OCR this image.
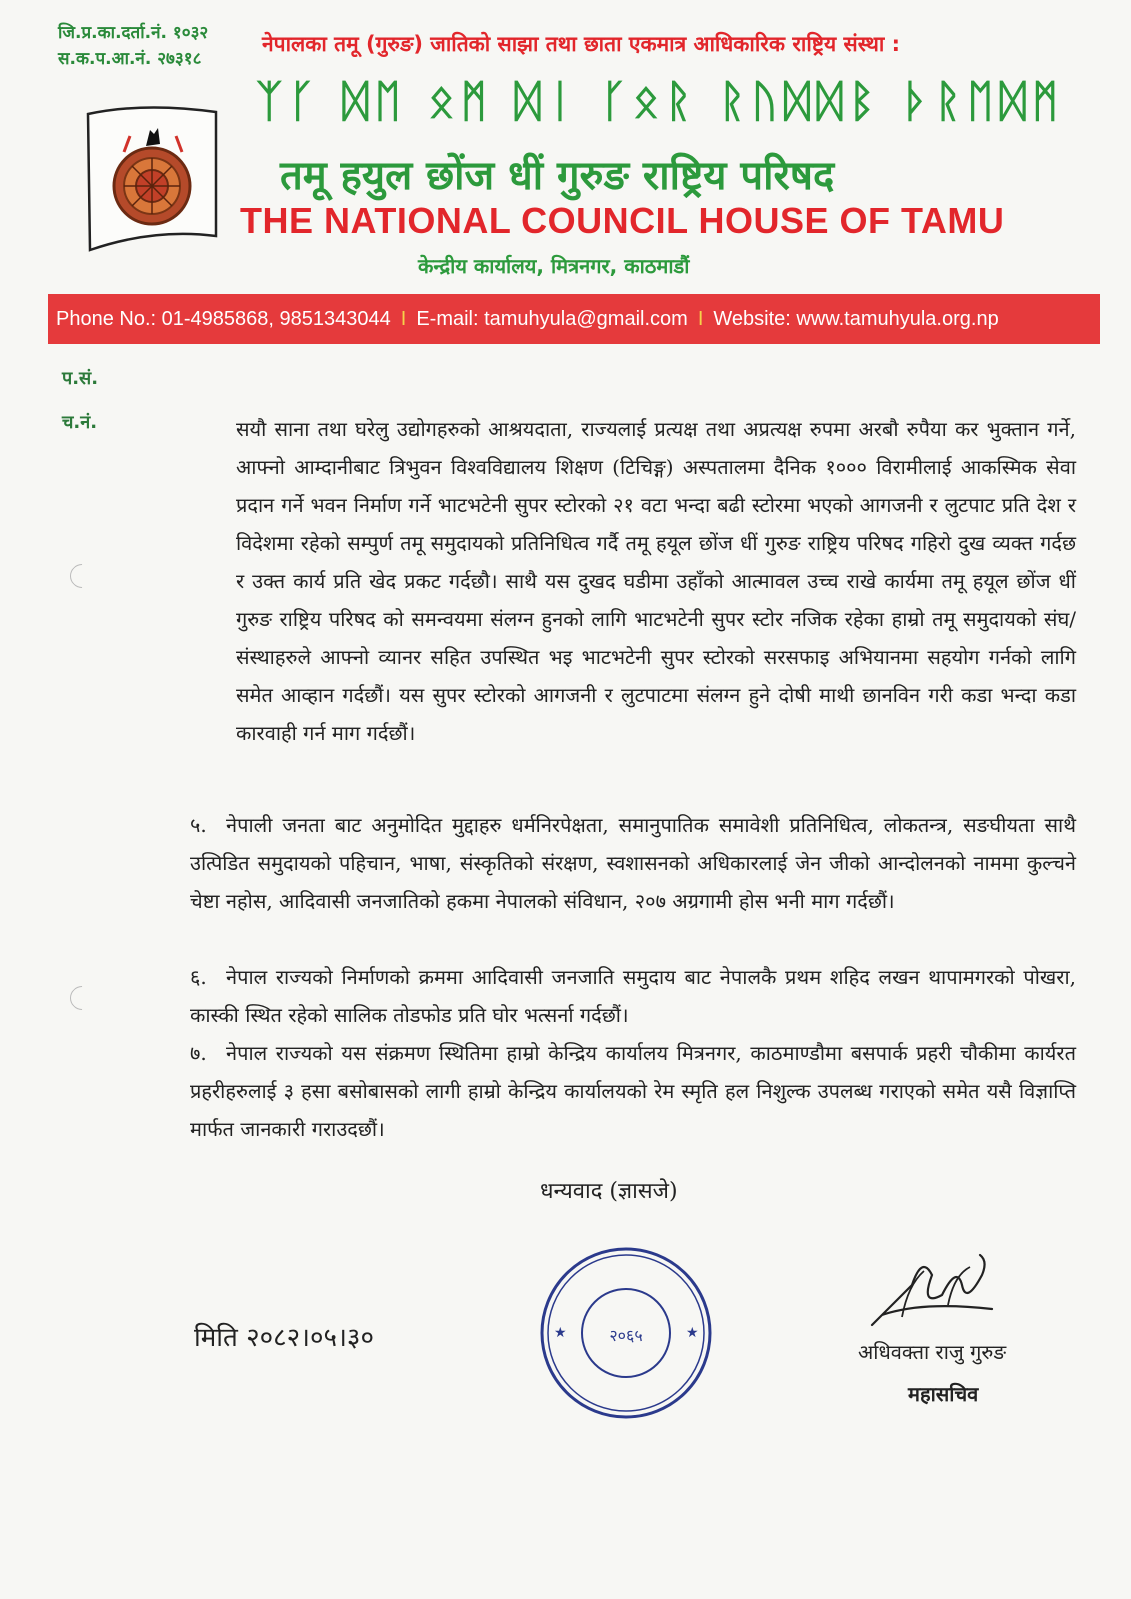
जि.प्र.का.दर्ता.नं. १०३२
स.क.प.आ.नं. २७३१८
नेपालका तमू (गुरुङ) जातिको साझा तथा छाता एकमात्र आधिकारिक राष्ट्रिय संस्था :
ᛉᚴ ᛞᛖ ᛟᛗ ᛞᛁ ᚴᛟᚱ ᚱᚢᛞᛞᛒ ᚦᚱᛖᛞᛗ
तमू हयुल छोंज धीं गुरुङ राष्ट्रिय परिषद
THE NATIONAL COUNCIL HOUSE OF TAMU
केन्द्रीय कार्यालय, मित्रनगर, काठमाडौं
Phone No.: 01-4985868, 9851343044 I E-mail: tamuhyula@gmail.com I Website: www.tamuhyula.org.np
प.सं.
च.नं.	सयौ साना तथा घरेलु उद्योगहरुको आश्रयदाता, राज्यलाई प्रत्यक्ष तथा अप्रत्यक्ष रुपमा अरबौ रुपैया कर भुक्तान गर्ने, आफ्नो आम्दानीबाट त्रिभुवन विश्वविद्यालय शिक्षण (टिचिङ्ग) अस्पतालमा दैनिक १००० विरामीलाई आकस्मिक सेवा प्रदान गर्ने भवन निर्माण गर्ने भाटभटेनी सुपर स्टोरको २१ वटा भन्दा बढी स्टोरमा भएको आगजनी र लुटपाट प्रति देश र विदेशमा रहेको सम्पुर्ण तमू समुदायको प्रतिनिधित्व गर्दै तमू हयूल छोंज धीं गुरुङ राष्ट्रिय परिषद गहिरो दुख व्यक्त गर्दछ र उक्त कार्य प्रति खेद प्रकट गर्दछौ। साथै यस दुखद घडीमा उहाँको आत्मावल उच्च राखे कार्यमा तमू हयूल छोंज धीं गुरुङ राष्ट्रिय परिषद को समन्वयमा संलग्न हुनको लागि भाटभटेनी सुपर स्टोर नजिक रहेका हाम्रो तमू समुदायको संघ/संस्थाहरुले आफ्नो व्यानर सहित उपस्थित भइ भाटभटेनी सुपर स्टोरको सरसफाइ अभियानमा सहयोग गर्नको लागि समेत आव्हान गर्दछौं। यस सुपर स्टोरको आगजनी र लुटपाटमा संलग्न हुने दोषी माथी छानविन गरी कडा भन्दा कडा कारवाही गर्न माग गर्दछौं।
५. नेपाली जनता बाट अनुमोदित मुद्दाहरु धर्मनिरपेक्षता, समानुपातिक समावेशी प्रतिनिधित्व, लोकतन्त्र, सङघीयता साथै उत्पिडित समुदायको पहिचान, भाषा, संस्कृतिको संरक्षण, स्वशासनको अधिकारलाई जेन जीको आन्दोलनको नाममा कुल्चने चेष्टा नहोस, आदिवासी जनजातिको हकमा नेपालको संविधान, २०७ अग्रगामी होस भनी माग गर्दछौं।
६. नेपाल राज्यको निर्माणको क्रममा आदिवासी जनजाति समुदाय बाट नेपालकै प्रथम शहिद लखन थापामगरको पोखरा, कास्की स्थित रहेको सालिक तोडफोड प्रति घोर भत्सर्ना गर्दछौं।
७. नेपाल राज्यको यस संक्रमण स्थितिमा हाम्रो केन्द्रिय कार्यालय मित्रनगर, काठमाण्डौमा बसपार्क प्रहरी चौकीमा कार्यरत प्रहरीहरुलाई ३ हसा बसोबासको लागी हाम्रो केन्द्रिय कार्यालयको रेम स्मृति हल निशुल्क उपलब्ध गराएको समेत यसै विज्ञाप्ति मार्फत जानकारी गराउदछौं।
धन्यवाद (ज्ञासजे)
मिति २०८२।०५।३०	२०६५
★	★
अधिवक्ता राजु गुरुङ
महासचिव
